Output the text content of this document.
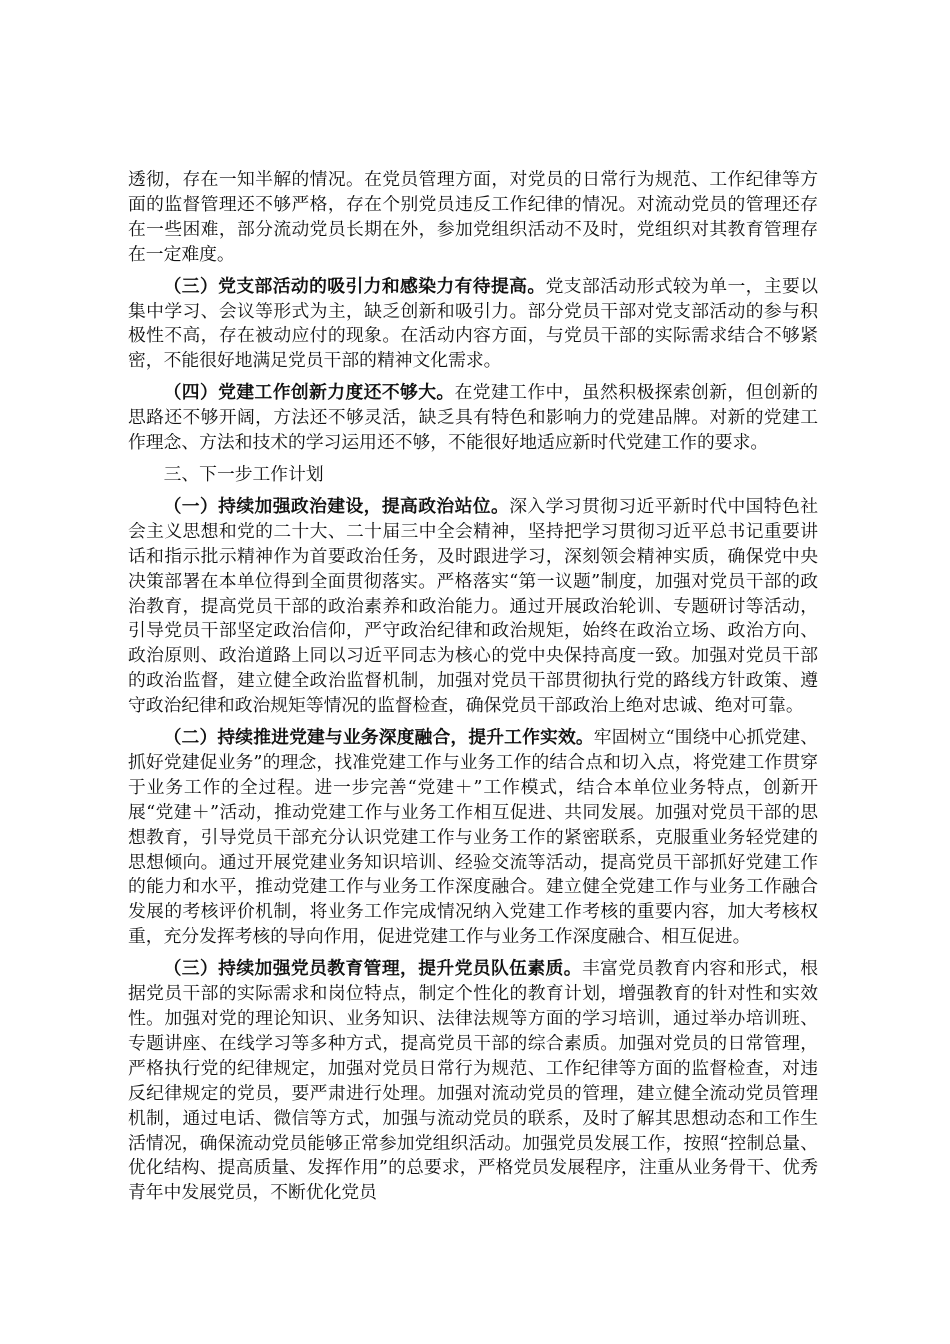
透彻，存在一知半解的情况。在党员管理方面，对党员的日常行为规范、工作纪律等方面的监督管理还不够严格，存在个别党员违反工作纪律的情况。对流动党员的管理还存在一些困难，部分流动党员长期在外，参加党组织活动不及时，党组织对其教育管理存在一定难度。

（三）党支部活动的吸引力和感染力有待提高。党支部活动形式较为单一，主要以集中学习、会议等形式为主，缺乏创新和吸引力。部分党员干部对党支部活动的参与积极性不高，存在被动应付的现象。在活动内容方面，与党员干部的实际需求结合不够紧密，不能很好地满足党员干部的精神文化需求。

（四）党建工作创新力度还不够大。在党建工作中，虽然积极探索创新，但创新的思路还不够开阔，方法还不够灵活，缺乏具有特色和影响力的党建品牌。对新的党建工作理念、方法和技术的学习运用还不够，不能很好地适应新时代党建工作的要求。

三、下一步工作计划

（一）持续加强政治建设，提高政治站位。深入学习贯彻习近平新时代中国特色社会主义思想和党的二十大、二十届三中全会精神，坚持把学习贯彻习近平总书记重要讲话和指示批示精神作为首要政治任务，及时跟进学习，深刻领会精神实质，确保党中央决策部署在本单位得到全面贯彻落实。严格落实“第一议题”制度，加强对党员干部的政治教育，提高党员干部的政治素养和政治能力。通过开展政治轮训、专题研讨等活动，引导党员干部坚定政治信仰，严守政治纪律和政治规矩，始终在政治立场、政治方向、政治原则、政治道路上同以习近平同志为核心的党中央保持高度一致。加强对党员干部的政治监督，建立健全政治监督机制，加强对党员干部贯彻执行党的路线方针政策、遵守政治纪律和政治规矩等情况的监督检查，确保党员干部政治上绝对忠诚、绝对可靠。

（二）持续推进党建与业务深度融合，提升工作实效。牢固树立“围绕中心抓党建、抓好党建促业务”的理念，找准党建工作与业务工作的结合点和切入点，将党建工作贯穿于业务工作的全过程。进一步完善“党建＋”工作模式，结合本单位业务特点，创新开展“党建＋”活动，推动党建工作与业务工作相互促进、共同发展。加强对党员干部的思想教育，引导党员干部充分认识党建工作与业务工作的紧密联系，克服重业务轻党建的思想倾向。通过开展党建业务知识培训、经验交流等活动，提高党员干部抓好党建工作的能力和水平，推动党建工作与业务工作深度融合。建立健全党建工作与业务工作融合发展的考核评价机制，将业务工作完成情况纳入党建工作考核的重要内容，加大考核权重，充分发挥考核的导向作用，促进党建工作与业务工作深度融合、相互促进。

（三）持续加强党员教育管理，提升党员队伍素质。丰富党员教育内容和形式，根据党员干部的实际需求和岗位特点，制定个性化的教育计划，增强教育的针对性和实效性。加强对党的理论知识、业务知识、法律法规等方面的学习培训，通过举办培训班、专题讲座、在线学习等多种方式，提高党员干部的综合素质。加强对党员的日常管理，严格执行党的纪律规定，加强对党员日常行为规范、工作纪律等方面的监督检查，对违反纪律规定的党员，要严肃进行处理。加强对流动党员的管理，建立健全流动党员管理机制，通过电话、微信等方式，加强与流动党员的联系，及时了解其思想动态和工作生活情况，确保流动党员能够正常参加党组织活动。加强党员发展工作，按照“控制总量、优化结构、提高质量、发挥作用”的总要求，严格党员发展程序，注重从业务骨干、优秀青年中发展党员，不断优化党员
